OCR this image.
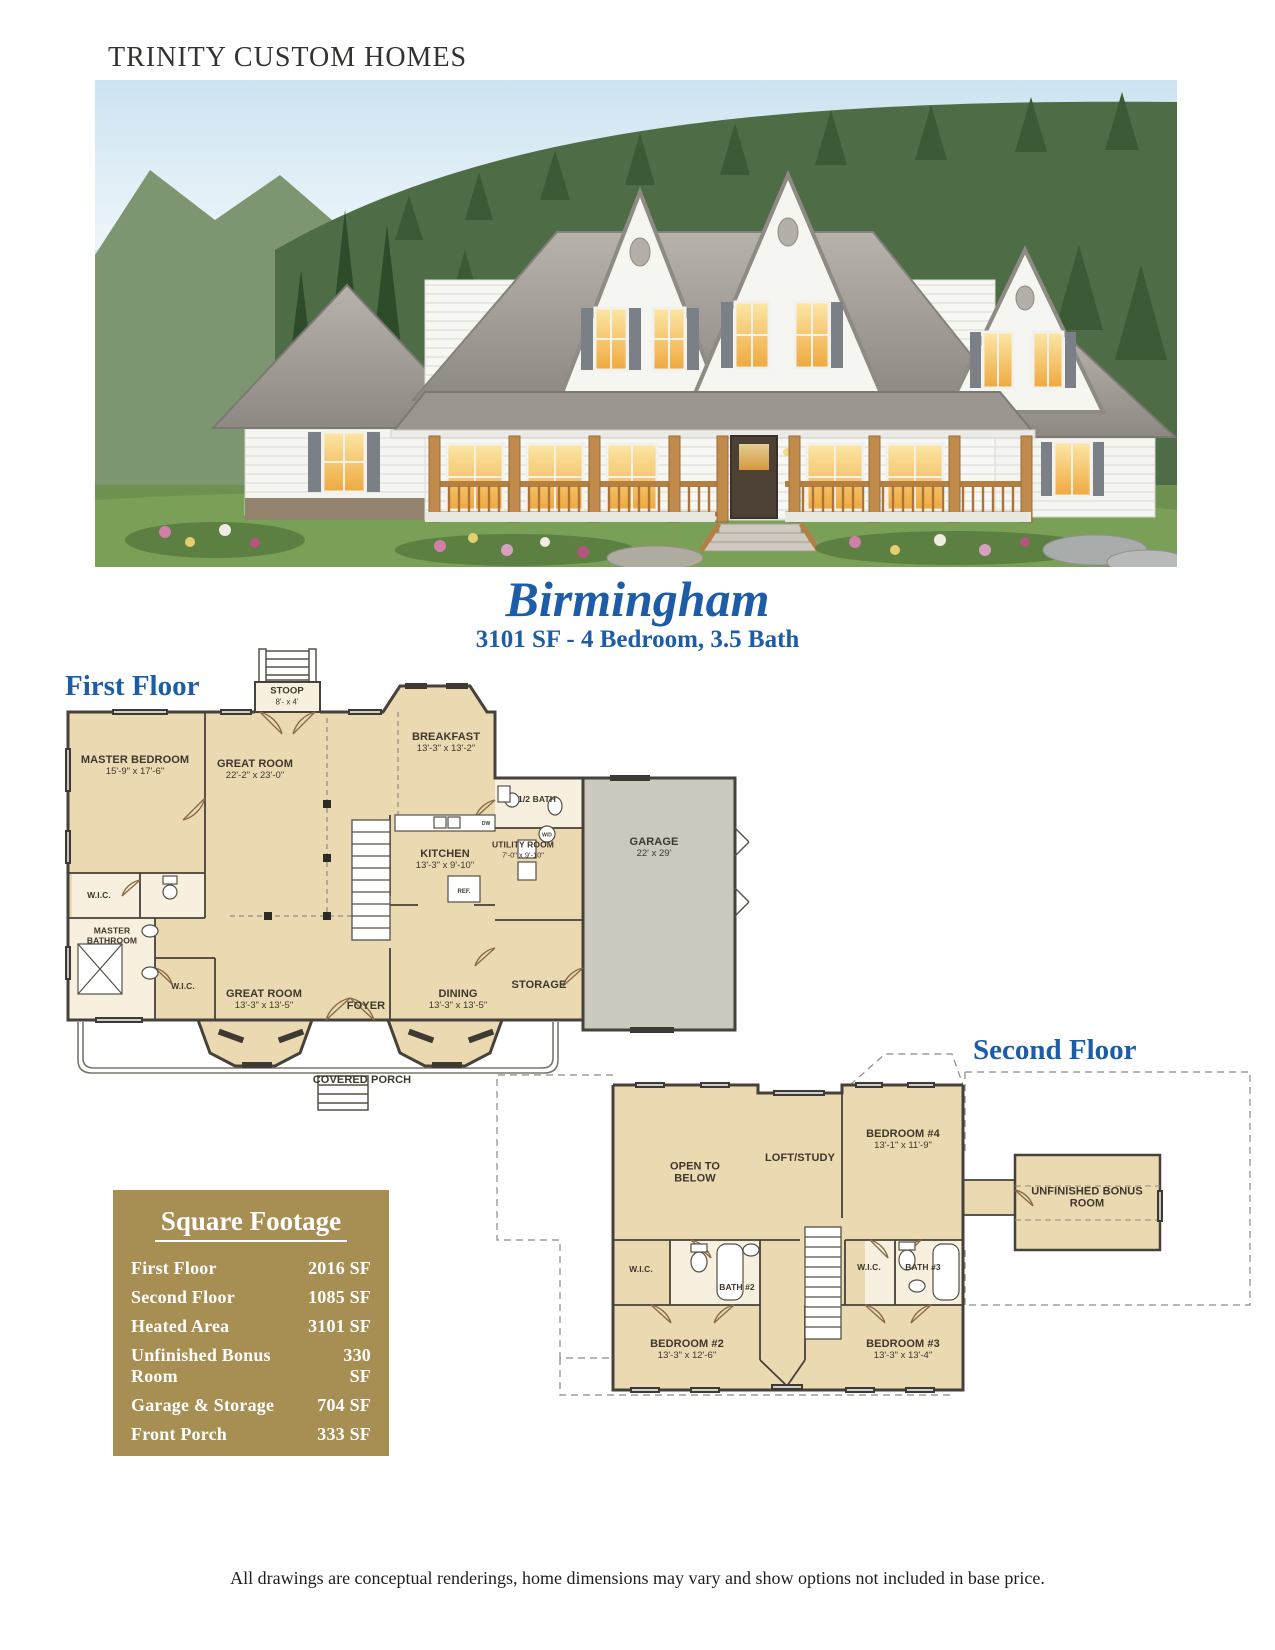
TRINITY CUSTOM HOMES
Birmingham
3101 SF - 4 Bedroom, 3.5 Bath
First Floor
Second Floor
REF.
DW
W/D
STOOP
8'- x 4'
MASTER BEDROOM
15'-9" x 17'-6"
GREAT ROOM
22'-2" x 23'-0"
BREAKFAST
13'-3" x 13'-2"
1/2 BATH
GARAGE
22' x 29'
UTILITY ROOM
7'-0" x 9'-10"
KITCHEN
13'-3" x 9'-10"
W.I.C.
MASTER BATHROOM
W.I.C.
GREAT ROOM
13'-3" x 13'-5"	FOYER
DINING
13'-3" x 13'-5"
STORAGE
COVERED PORCH
OPEN TO BELOW
LOFT/STUDY
BEDROOM #4
13'-1" x 11'-9"
UNFINISHED BONUS ROOM
W.I.C.
BATH #2
BEDROOM #2
13'-3" x 12'-6"
W.I.C.	BATH #3
BEDROOM #3
13'-3" x 13'-4"
Square Footage
First Floor	2016 SF
Second Floor	1085 SF
Heated Area	3101 SF
Unfinished Bonus Room
330 SF
Garage & Storage 704 SF
Front Porch	333 SF
Stoop	32 SF
All drawings are conceptual renderings, home dimensions may vary and show options not included in base price.
